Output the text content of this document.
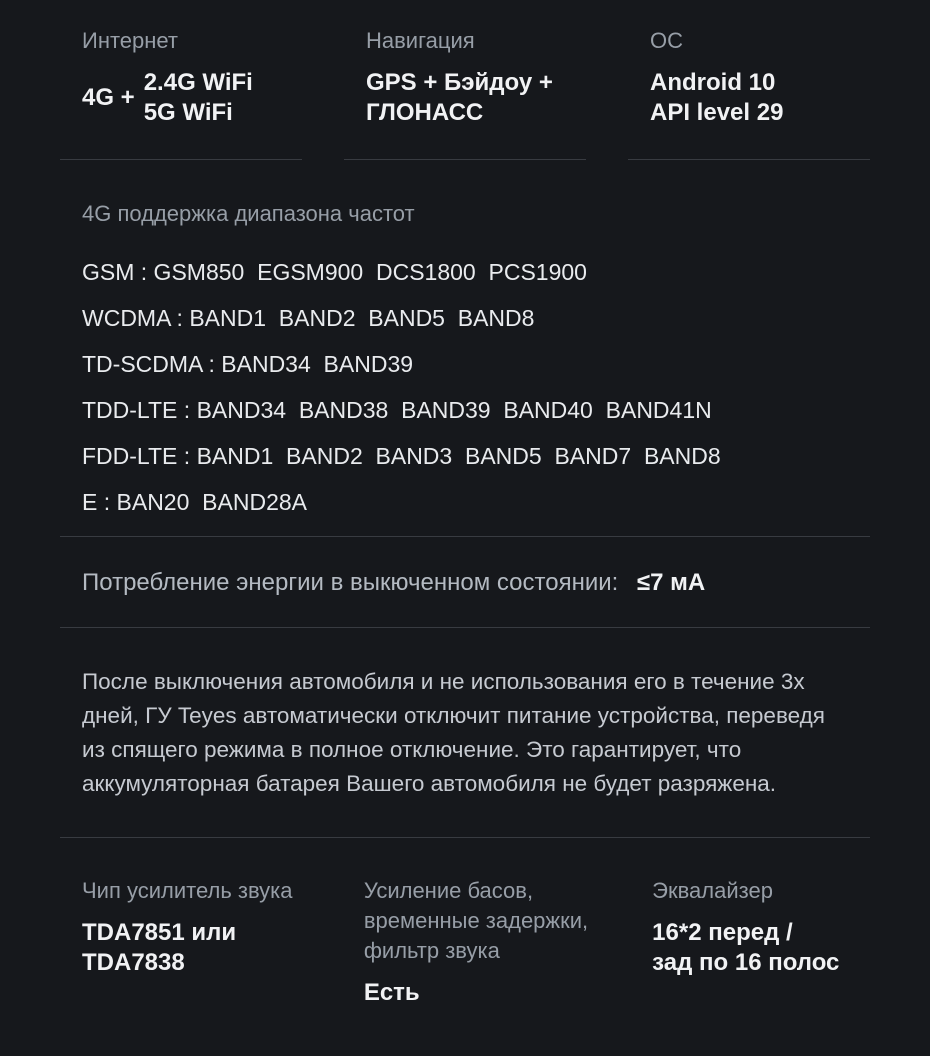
Интернет
4G +
2.4G WiFi
5G WiFi
Навигация
GPS + Бэйдоу +
ГЛОНАСС
ОС
Android 10
API level 29
4G поддержка диапазона частот
GSM : GSM850  EGSM900  DCS1800  PCS1900
WCDMA : BAND1  BAND2  BAND5  BAND8
TD-SCDMA : BAND34  BAND39
TDD-LTE : BAND34  BAND38  BAND39  BAND40  BAND41N
FDD-LTE : BAND1  BAND2  BAND3  BAND5  BAND7  BAND8
E : BAN20  BAND28A
Потребление энергии в выкюченном состоянии: ≤7 мА
После выключения автомобиля и не использования его в течение 3х
дней, ГУ Teyes автоматически отключит питание устройства, переведя
из спящего режима в полное отключение. Это гарантирует, что
аккумуляторная батарея Вашего автомобиля не будет разряжена.
Чип усилитель звука
TDA7851 или
TDA7838
Усиление басов,
временные задержки,
фильтр звука
Есть
Эквалайзер
16*2 перед /
зад по 16 полос
